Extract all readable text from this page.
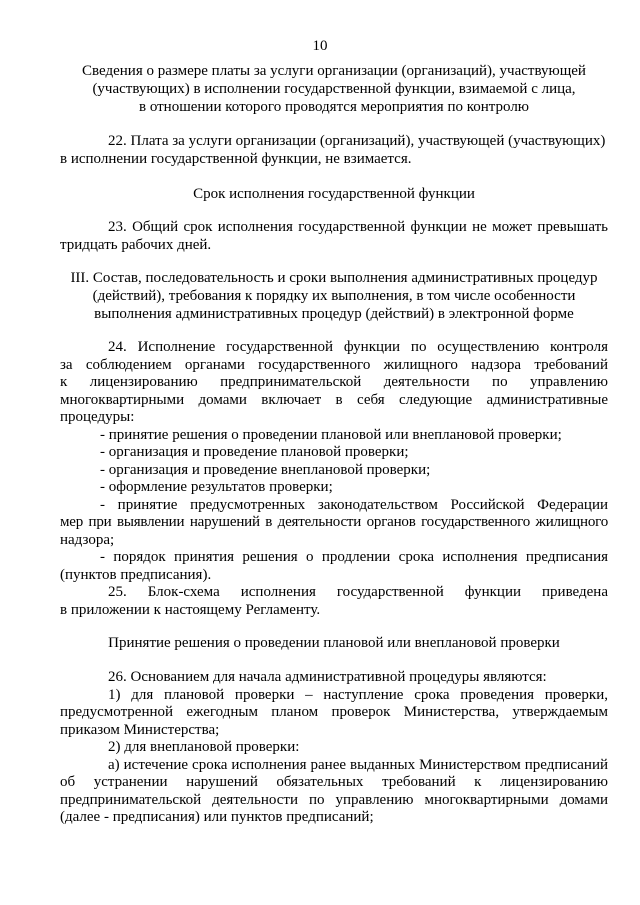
10
Сведения о размере платы за услуги организации (организаций), участвующей
(участвующих) в исполнении государственной функции, взимаемой с лица,
в отношении которого проводятся мероприятия по контролю
22. Плата за услуги организации (организаций), участвующей (участвующих)
в исполнении государственной функции, не взимается.
Срок исполнения государственной функции
23. Общий срок исполнения государственной функции не может превышать
тридцать рабочих дней.
III. Состав, последовательность и сроки выполнения административных процедур
(действий), требования к порядку их выполнения, в том числе особенности
выполнения административных процедур (действий) в электронной форме
24. Исполнение государственной функции по осуществлению контроля
за соблюдением органами государственного жилищного надзора требований
к лицензированию предпринимательской деятельности по управлению
многоквартирными домами включает в себя следующие административные
процедуры:
- принятие решения о проведении плановой или внеплановой проверки;
- организация и проведение плановой проверки;
- организация и проведение внеплановой проверки;
- оформление результатов проверки;
- принятие предусмотренных законодательством Российской Федерации
мер при выявлении нарушений в деятельности органов государственного жилищного
надзора;
- порядок принятия решения о продлении срока исполнения предписания
(пунктов предписания).
25. Блок-схема исполнения государственной функции приведена
в приложении к настоящему Регламенту.
Принятие решения о проведении плановой или внеплановой проверки
26. Основанием для начала административной процедуры являются:
1) для плановой проверки – наступление срока проведения проверки,
предусмотренной ежегодным планом проверок Министерства, утверждаемым
приказом Министерства;
2) для внеплановой проверки:
а) истечение срока исполнения ранее выданных Министерством предписаний
об устранении нарушений обязательных требований к лицензированию
предпринимательской деятельности по управлению многоквартирными домами
(далее - предписания) или пунктов предписаний;
